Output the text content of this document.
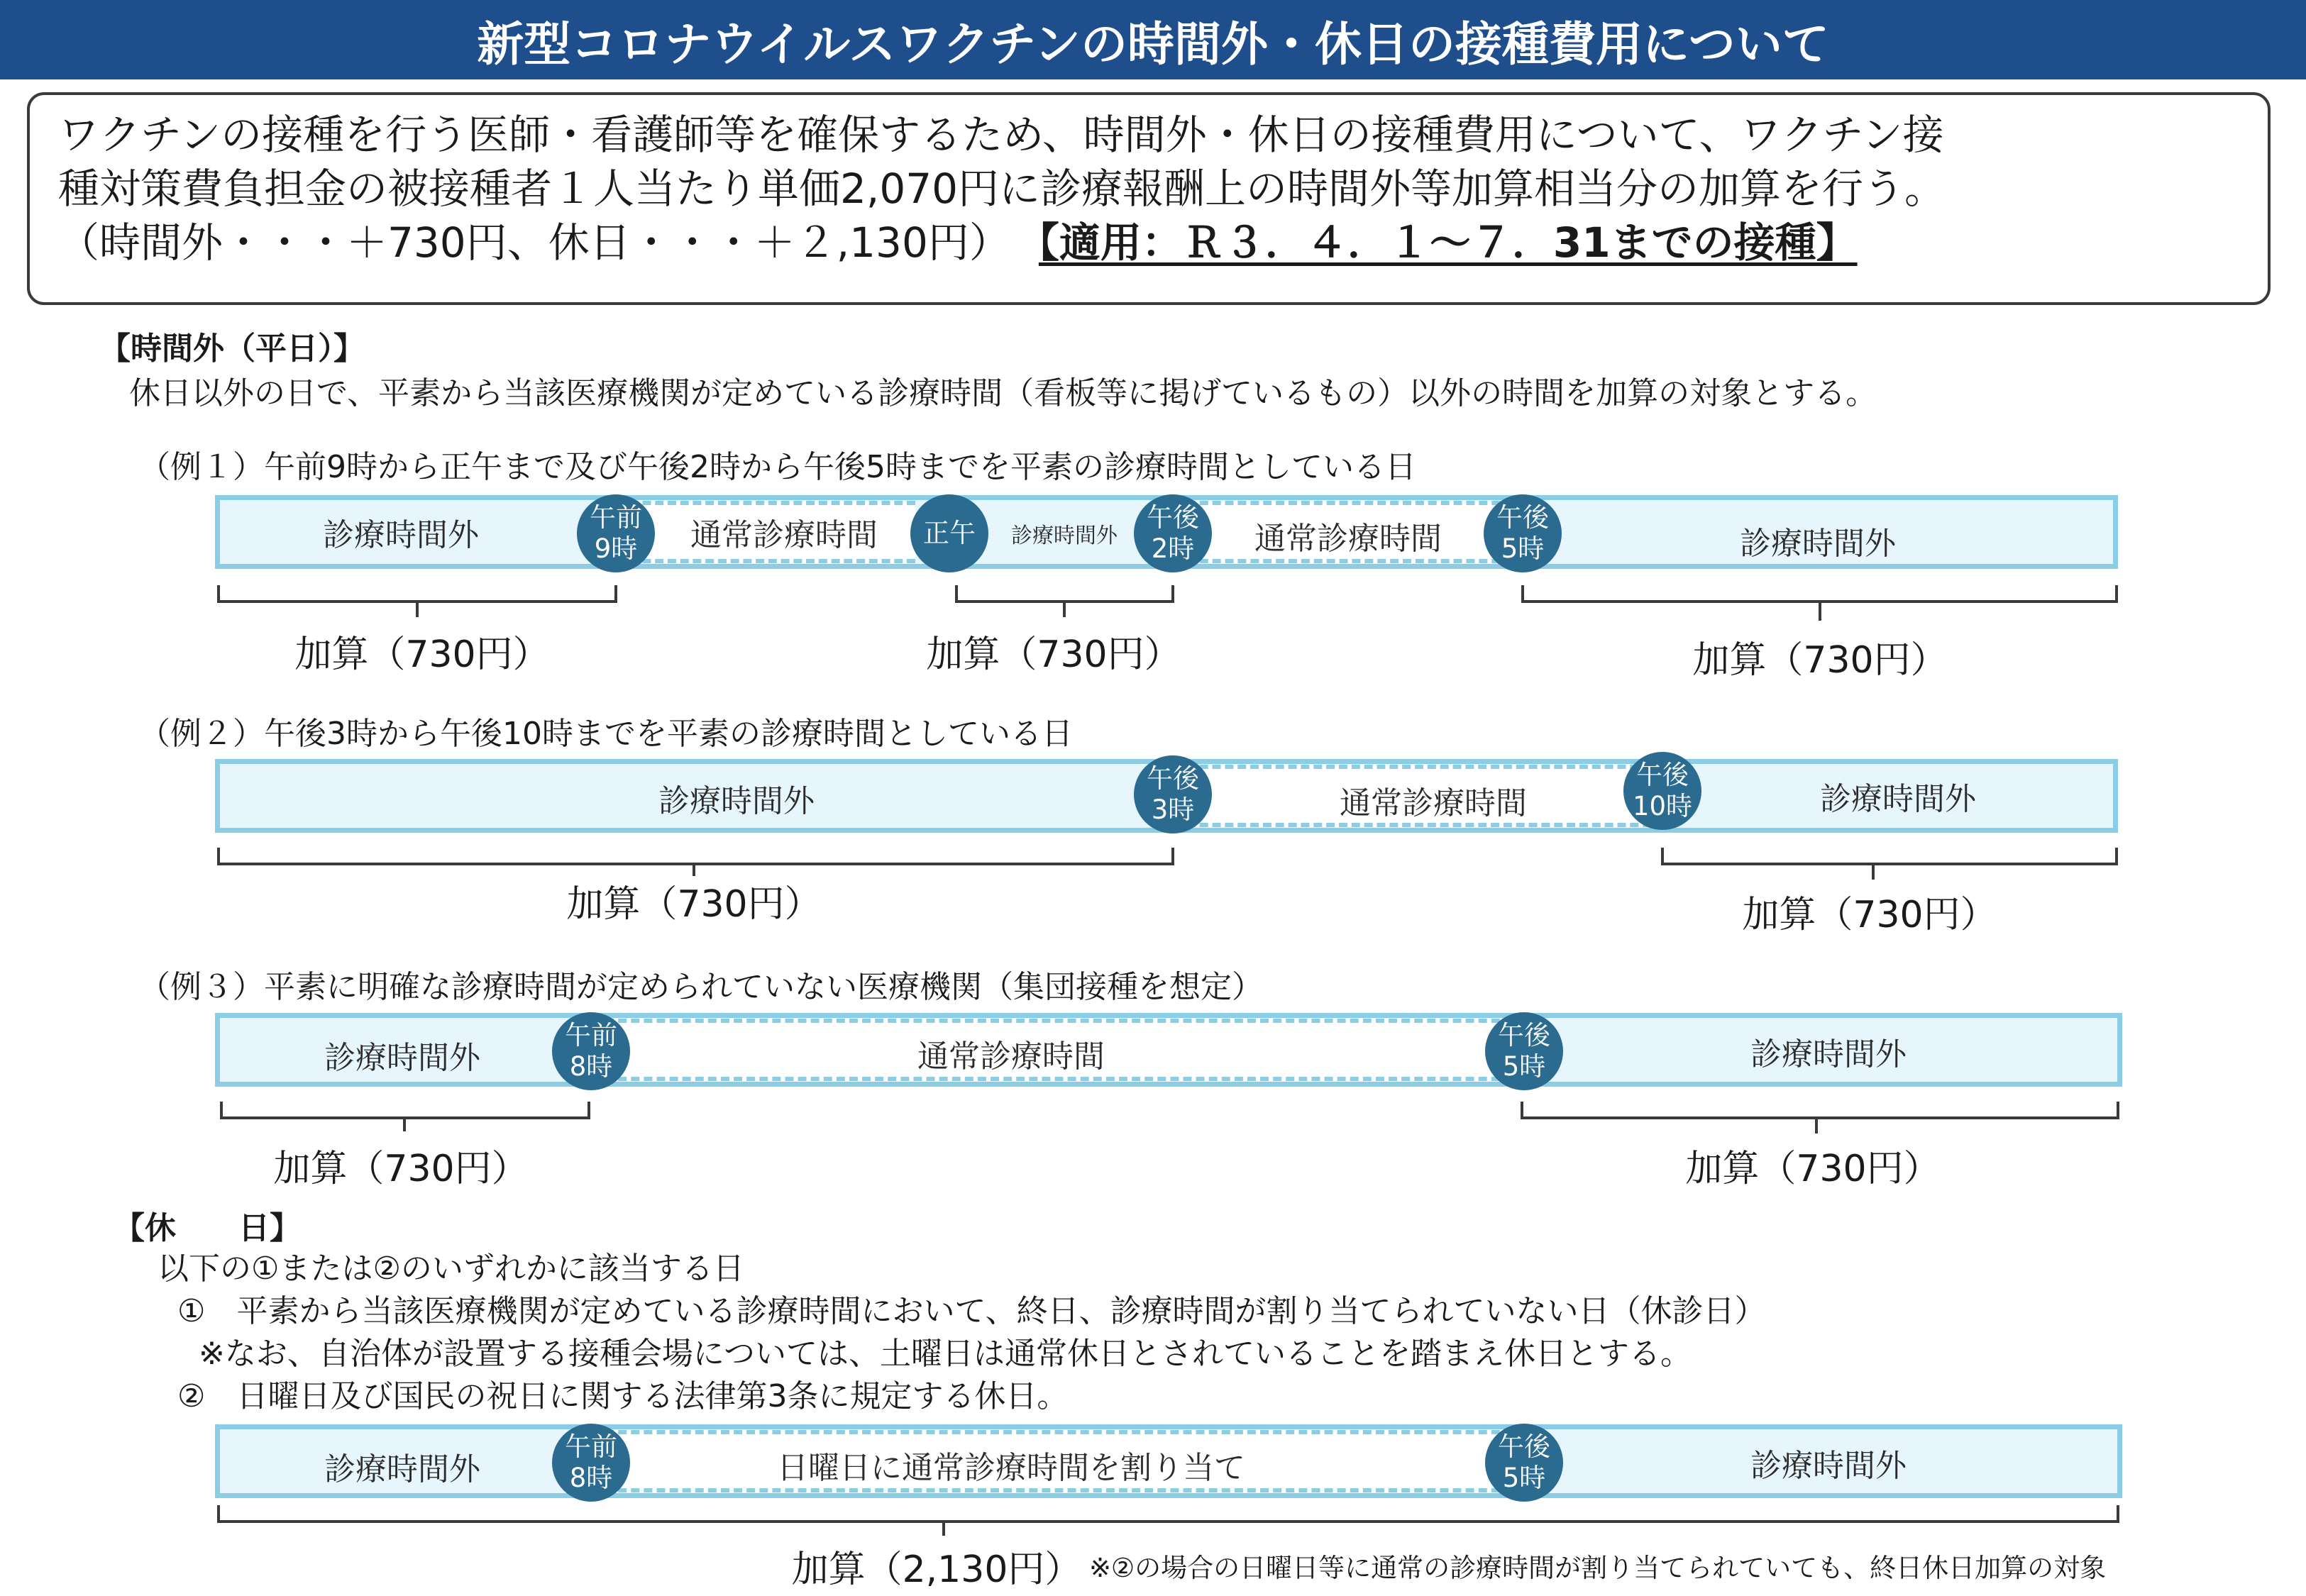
新型コロナウイルスワクチンの時間外・休日の接種費用について
ワクチンの接種を行う医師・看護師等を確保するため、時間外・休日の接種費用について、ワクチン接
種対策費負担金の被接種者１人当たり単価2,070円に診療報酬上の時間外等加算相当分の加算を行う。
（時間外・・・＋730円、休日・・・＋２,130円） 【適用：Ｒ３．４．１～７．31までの接種】
【時間外（平日）】
休日以外の日で、平素から当該医療機関が定めている診療時間（看板等に掲げているもの）以外の時間を加算の対象とする。
（例１）午前9時から正午まで及び午後2時から午後5時までを平素の診療時間としている日
診療時間外	通常診療時間	診療時間外	通常診療時間	診療時間外
午前
9時
正午
午後
2時
午後
5時
加算（730円）	加算（730円）	加算（730円）
（例２）午後3時から午後10時までを平素の診療時間としている日
診療時間外	通常診療時間	診療時間外
午後
3時
午後
10時
加算（730円）	加算（730円）
（例３）平素に明確な診療時間が定められていない医療機関（集団接種を想定）
診療時間外	通常診療時間	診療時間外
午前
8時
午後
5時
加算（730円）	加算（730円）
【休　　日】
以下の①または②のいずれかに該当する日
①　平素から当該医療機関が定めている診療時間において、終日、診療時間が割り当てられていない日（休診日）
※なお、自治体が設置する接種会場については、土曜日は通常休日とされていることを踏まえ休日とする。
②　日曜日及び国民の祝日に関する法律第3条に規定する休日。
診療時間外	日曜日に通常診療時間を割り当て	診療時間外
午前
8時
午後
5時
加算（2,130円） ※②の場合の日曜日等に通常の診療時間が割り当てられていても、終日休日加算の対象
